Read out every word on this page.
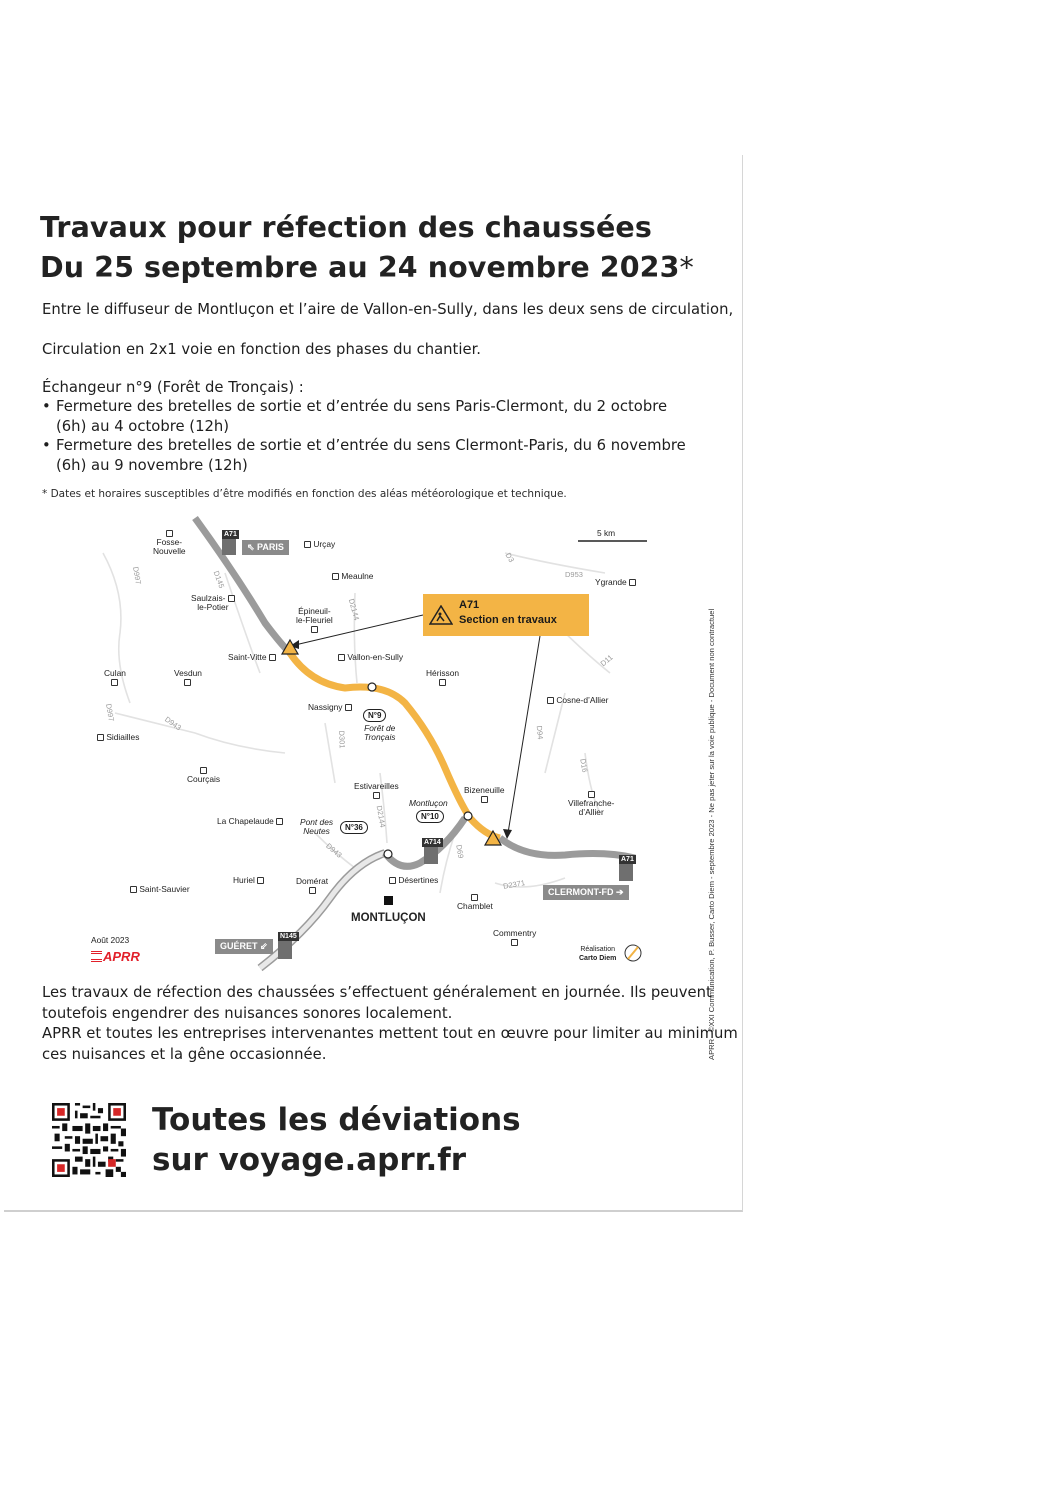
Travaux pour réfection des chaussées
Du 25 septembre au 24 novembre 2023*
Entre le diffuseur de Montluçon et l’aire de Vallon-en-Sully, dans les deux sens de circulation,
Circulation en 2x1 voie en fonction des phases du chantier.
Échangeur n°9 (Forêt de Tronçais) :
• Fermeture des bretelles de sortie et d’entrée du sens Paris-Clermont, du 2 octobre
(6h) au 4 octobre (12h)
• Fermeture des bretelles de sortie et d’entrée du sens Clermont-Paris, du 6 novembre
(6h) au 9 novembre (12h)
* Dates et horaires susceptibles d’être modifiés en fonction des aléas météorologique et technique.
A71
A71
A714
N145
⇖ PARIS
CLERMONT-FD ➔
GUÉRET ⇙
A71
Section en travaux
5 km
N°9
Forêt de
Tronçais
N°10
Montluçon
N°36
Pont des
Neutes

Fosse-
Nouvelle
Urçay
Meaulne
Ygrande
Saulzais-
le-Potier	Épineuil-
le-Fleuriel

Saint-Vitte	Vallon-en-Sully
Culan	Vesdun	Hérisson

Cosne-d’Allier
Nassigny
Sidiailles

Courçais
Estivareilles	Bizeneuille

Villefranche-
d’Allier
La Chapelaude
Huriel	Domérat	Désertines

Chamblet
Saint-Sauvier
MONTLUÇON
Commentry

D997	D145
D3
D953
D2144
D11
D997
D943
D94
D301
D16
D2144
D69
D943
D2371
Août 2023
APRR	Réalisation
Carto Diem
Les travaux de réfection des chaussées s’effectuent généralement en journée. Ils peuvent
toutefois engendrer des nuisances sonores localement.
APRR et toutes les entreprises intervenantes mettent tout en œuvre pour limiter au minimum
ces nuisances et la gêne occasionnée.
Toutes les déviations
sur voyage.aprr.fr
APRR - ©XXI Communication, P. Busser, Carto Diem - septembre 2023 - Ne pas jeter sur la voie publique - Document non contractuel
